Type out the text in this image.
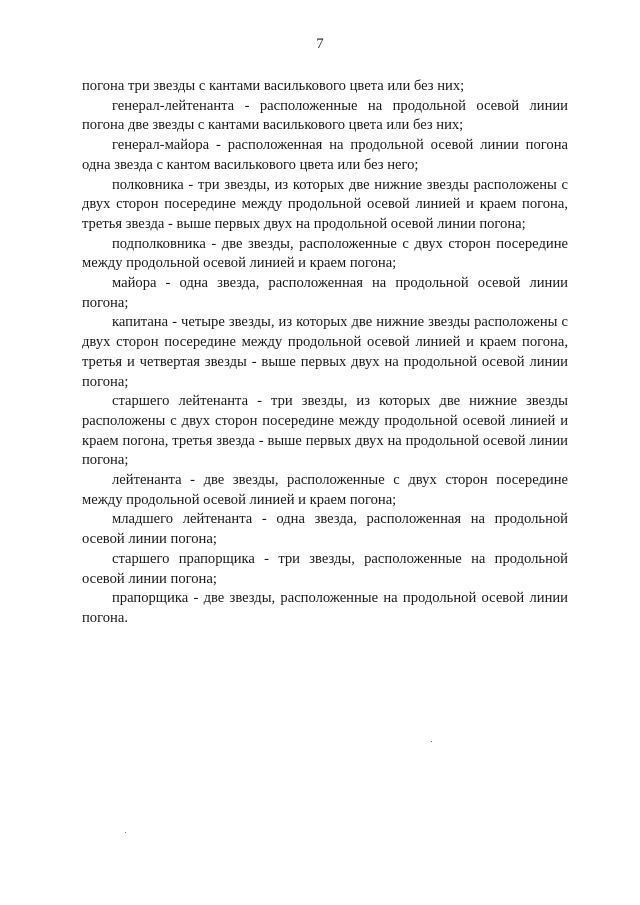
7

погона три звезды с кантами василькового цвета или без них;

генерал-лейтенанта - расположенные на продольной осевой линии погона две звезды с кантами василькового цвета или без них;

генерал-майора - расположенная на продольной осевой линии погона одна звезда с кантом василькового цвета или без него;

полковника - три звезды, из которых две нижние звезды расположены с двух сторон посередине между продольной осевой линией и краем погона, третья звезда - выше первых двух на продольной осевой линии погона;

подполковника - две звезды, расположенные с двух сторон посередине между продольной осевой линией и краем погона;

майора - одна звезда, расположенная на продольной осевой линии погона;

капитана - четыре звезды, из которых две нижние звезды расположены с двух сторон посередине между продольной осевой линией и краем погона, третья и четвертая звезды - выше первых двух на продольной осевой линии погона;

старшего лейтенанта - три звезды, из которых две нижние звезды расположены с двух сторон посередине между продольной осевой линией и краем погона, третья звезда - выше первых двух на продольной осевой линии погона;

лейтенанта - две звезды, расположенные с двух сторон посередине между продольной осевой линией и краем погона;

младшего лейтенанта - одна звезда, расположенная на продольной осевой линии погона;

старшего прапорщика - три звезды, расположенные на продольной осевой линии погона;

прапорщика - две звезды, расположенные на продольной осевой линии погона.
